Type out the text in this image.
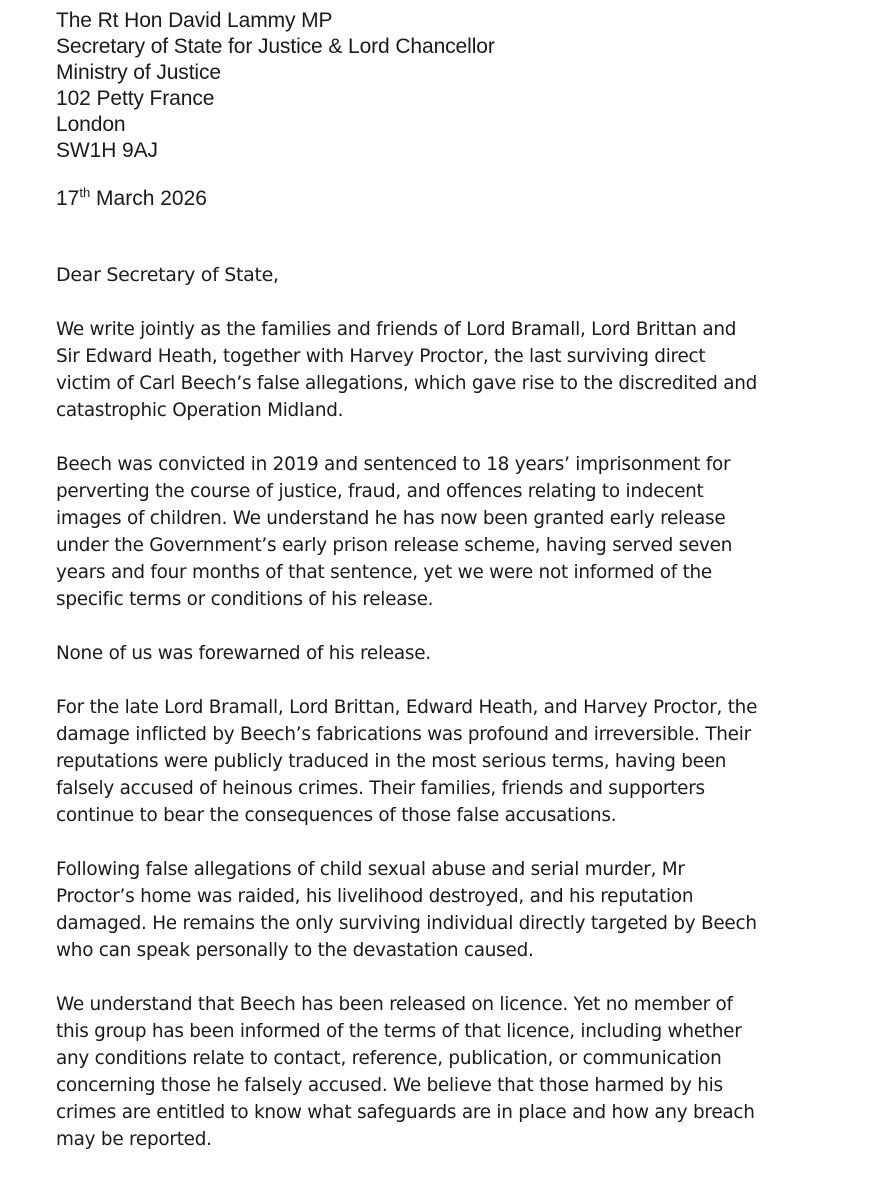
The Rt Hon David Lammy MP
Secretary of State for Justice & Lord Chancellor
Ministry of Justice
102 Petty France
London
SW1H 9AJ
17th March 2026
Dear Secretary of State,
We write jointly as the families and friends of Lord Bramall, Lord Brittan and
Sir Edward Heath, together with Harvey Proctor, the last surviving direct
victim of Carl Beech’s false allegations, which gave rise to the discredited and
catastrophic Operation Midland.
Beech was convicted in 2019 and sentenced to 18 years’ imprisonment for
perverting the course of justice, fraud, and offences relating to indecent
images of children. We understand he has now been granted early release
under the Government’s early prison release scheme, having served seven
years and four months of that sentence, yet we were not informed of the
specific terms or conditions of his release.
None of us was forewarned of his release.
For the late Lord Bramall, Lord Brittan, Edward Heath, and Harvey Proctor, the
damage inflicted by Beech’s fabrications was profound and irreversible. Their
reputations were publicly traduced in the most serious terms, having been
falsely accused of heinous crimes. Their families, friends and supporters
continue to bear the consequences of those false accusations.
Following false allegations of child sexual abuse and serial murder, Mr
Proctor’s home was raided, his livelihood destroyed, and his reputation
damaged. He remains the only surviving individual directly targeted by Beech
who can speak personally to the devastation caused.
We understand that Beech has been released on licence. Yet no member of
this group has been informed of the terms of that licence, including whether
any conditions relate to contact, reference, publication, or communication
concerning those he falsely accused. We believe that those harmed by his
crimes are entitled to know what safeguards are in place and how any breach
may be reported.
